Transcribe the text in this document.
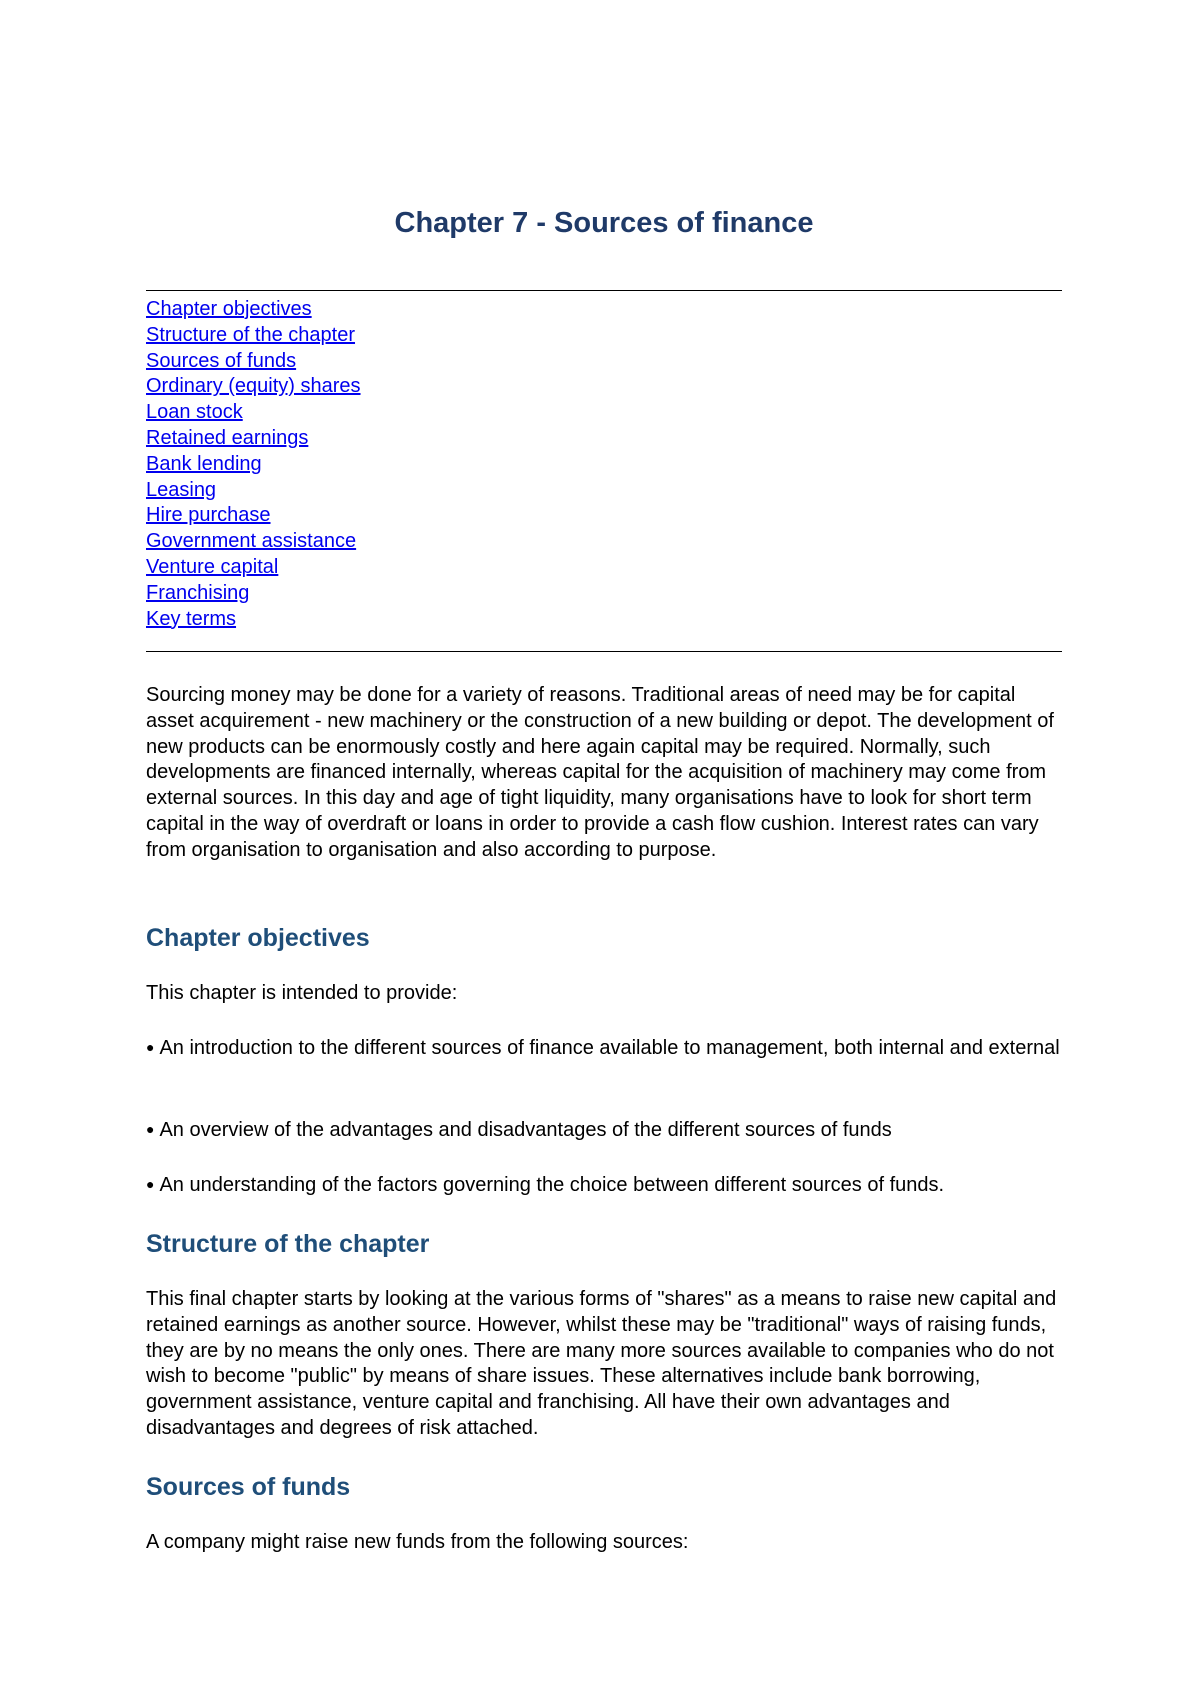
Chapter 7 - Sources of finance
Chapter objectives
Structure of the chapter
Sources of funds
Ordinary (equity) shares
Loan stock
Retained earnings
Bank lending
Leasing
Hire purchase
Government assistance
Venture capital
Franchising
Key terms

Sourcing money may be done for a variety of reasons. Traditional areas of need may be for capital asset acquirement - new machinery or the construction of a new building or depot. The development of new products can be enormously costly and here again capital may be required. Normally, such developments are financed internally, whereas capital for the acquisition of machinery may come from external sources. In this day and age of tight liquidity, many organisations have to look for short term capital in the way of overdraft or loans in order to provide a cash flow cushion. Interest rates can vary from organisation to organisation and also according to purpose.

Chapter objectives

This chapter is intended to provide:

● An introduction to the different sources of finance available to management, both internal and external

● An overview of the advantages and disadvantages of the different sources of funds

● An understanding of the factors governing the choice between different sources of funds.

Structure of the chapter

This final chapter starts by looking at the various forms of "shares" as a means to raise new capital and retained earnings as another source. However, whilst these may be "traditional" ways of raising funds, they are by no means the only ones. There are many more sources available to companies who do not wish to become "public" by means of share issues. These alternatives include bank borrowing, government assistance, venture capital and franchising. All have their own advantages and disadvantages and degrees of risk attached.

Sources of funds

A company might raise new funds from the following sources:
